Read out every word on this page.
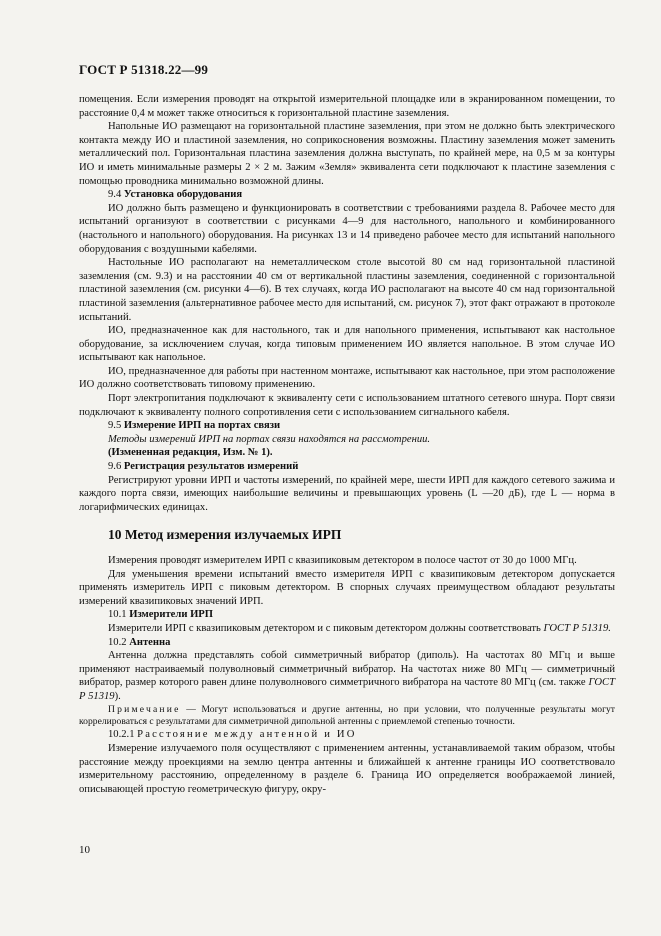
ГОСТ Р 51318.22—99

помещения. Если измерения проводят на открытой измерительной площадке или в экранированном помещении, то расстояние 0,4 м может также относиться к горизонтальной пластине заземления.

Напольные ИО размещают на горизонтальной пластине заземления, при этом не должно быть электрического контакта между ИО и пластиной заземления, но соприкосновения возможны. Пластину заземления может заменить металлический пол. Горизонтальная пластина заземления должна выступать, по крайней мере, на 0,5 м за контуры ИО и иметь минимальные размеры 2 × 2 м. Зажим «Земля» эквивалента сети подключают к пластине заземления с помощью проводника минимально возможной длины.

9.4 Установка оборудования

ИО должно быть размещено и функционировать в соответствии с требованиями раздела 8. Рабочее место для испытаний организуют в соответствии с рисунками 4—9 для настольного, напольного и комбинированного (настольного и напольного) оборудования. На рисунках 13 и 14 приведено рабочее место для испытаний напольного оборудования с воздушными кабелями.

Настольные ИО располагают на неметаллическом столе высотой 80 см над горизонтальной пластиной заземления (см. 9.3) и на расстоянии 40 см от вертикальной пластины заземления, соединенной с горизонтальной пластиной заземления (см. рисунки 4—6). В тех случаях, когда ИО располагают на высоте 40 см над горизонтальной пластиной заземления (альтернативное рабочее место для испытаний, см. рисунок 7), этот факт отражают в протоколе испытаний.

ИО, предназначенное как для настольного, так и для напольного применения, испытывают как настольное оборудование, за исключением случая, когда типовым применением ИО является напольное. В этом случае ИО испытывают как напольное.

ИО, предназначенное для работы при настенном монтаже, испытывают как настольное, при этом расположение ИО должно соответствовать типовому применению.

Порт электропитания подключают к эквиваленту сети с использованием штатного сетевого шнура. Порт связи подключают к эквиваленту полного сопротивления сети с использованием сигнального кабеля.

9.5 Измерение ИРП на портах связи

Методы измерений ИРП на портах связи находятся на рассмотрении.

(Измененная редакция, Изм. № 1).

9.6 Регистрация результатов измерений

Регистрируют уровни ИРП и частоты измерений, по крайней мере, шести ИРП для каждого сетевого зажима и каждого порта связи, имеющих наибольшие величины и превышающих уровень (L —20 дБ), где L — норма в логарифмических единицах.

10 Метод измерения излучаемых ИРП

Измерения проводят измерителем ИРП с квазипиковым детектором в полосе частот от 30 до 1000 МГц.

Для уменьшения времени испытаний вместо измерителя ИРП с квазипиковым детектором допускается применять измеритель ИРП с пиковым детектором. В спорных случаях преимуществом обладают результаты измерений квазипиковых значений ИРП.

10.1 Измерители ИРП

Измерители ИРП с квазипиковым детектором и с пиковым детектором должны соответствовать ГОСТ Р 51319.

10.2 Антенна

Антенна должна представлять собой симметричный вибратор (диполь). На частотах 80 МГц и выше применяют настраиваемый полуволновый симметричный вибратор. На частотах ниже 80 МГц — симметричный вибратор, размер которого равен длине полуволнового симметричного вибратора на частоте 80 МГц (см. также ГОСТ Р 51319).

Примечание — Могут использоваться и другие антенны, но при условии, что полученные результаты могут коррелироваться с результатами для симметричной дипольной антенны с приемлемой степенью точности.

10.2.1 Расстояние между антенной и ИО

Измерение излучаемого поля осуществляют с применением антенны, устанавливаемой таким образом, чтобы расстояние между проекциями на землю центра антенны и ближайшей к антенне границы ИО соответствовало измерительному расстоянию, определенному в разделе 6. Граница ИО определяется воображаемой линией, описывающей простую геометрическую фигуру, окру-

10
